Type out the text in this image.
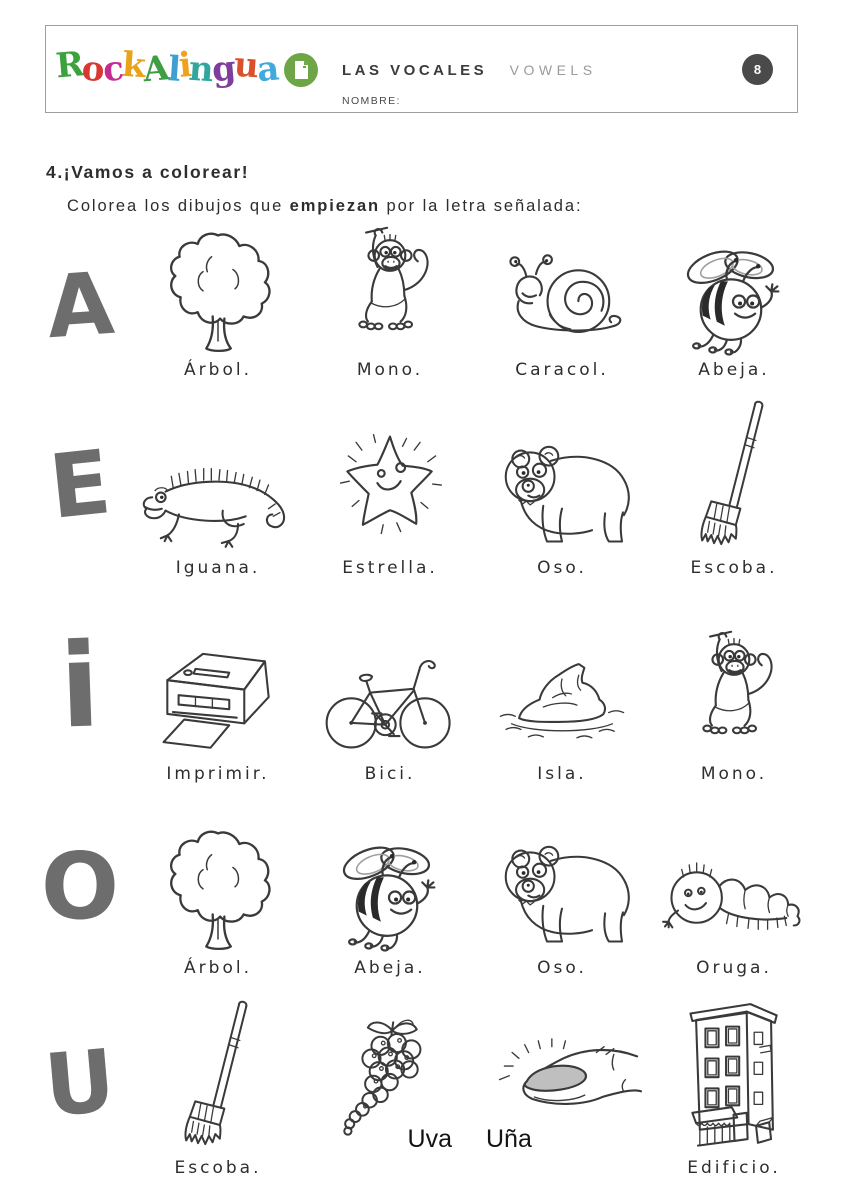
RockAlingua	LAS VOCALES VOWELS
NOMBRE:
8
4.¡Vamos a colorear!
Colorea los dibujos que empiezan por la letra señalada:
A
Árbol.	Mono.	Caracol.	Abeja.
E
Iguana.	Estrella.	Oso.	Escoba.
i
Imprimir.	Bici.	Isla.	Mono.
O
Árbol.	Abeja.	Oso.	Oruga.
U
Escoba.
Uva Uña
Edificio.
